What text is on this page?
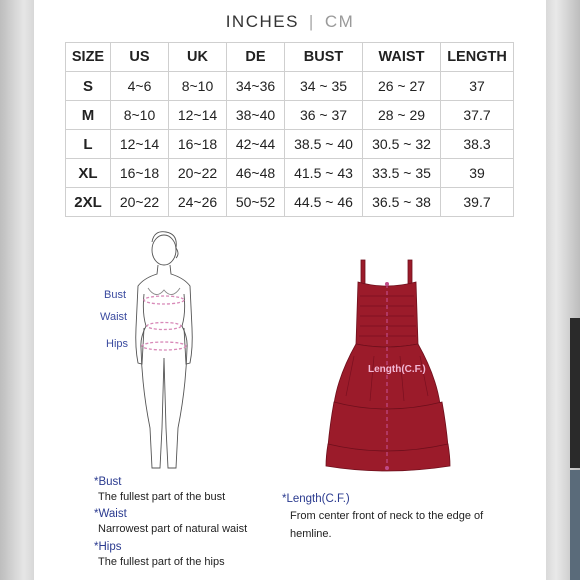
INCHES | CM
SIZE	US	UK	DE	BUST	WAIST	LENGTH
S	4~6	8~10	34~36	34 ~ 35	26 ~ 27	37
M	8~10	12~14	38~40	36 ~ 37	28 ~ 29	37.7
L	12~14	16~18	42~44	38.5 ~ 40	30.5 ~ 32	38.3
XL	16~18	20~22	46~48	41.5 ~ 43	33.5 ~ 35	39
2XL	20~22	24~26	50~52	44.5 ~ 46	36.5 ~ 38	39.7
Bust
Waist
Hips
Length(C.F.)
*Bust
The fullest part of the bust
*Waist
Narrowest part of natural waist
*Hips
The fullest part of the hips
*Length(C.F.)
From center front of neck to the edge of
hemline.
